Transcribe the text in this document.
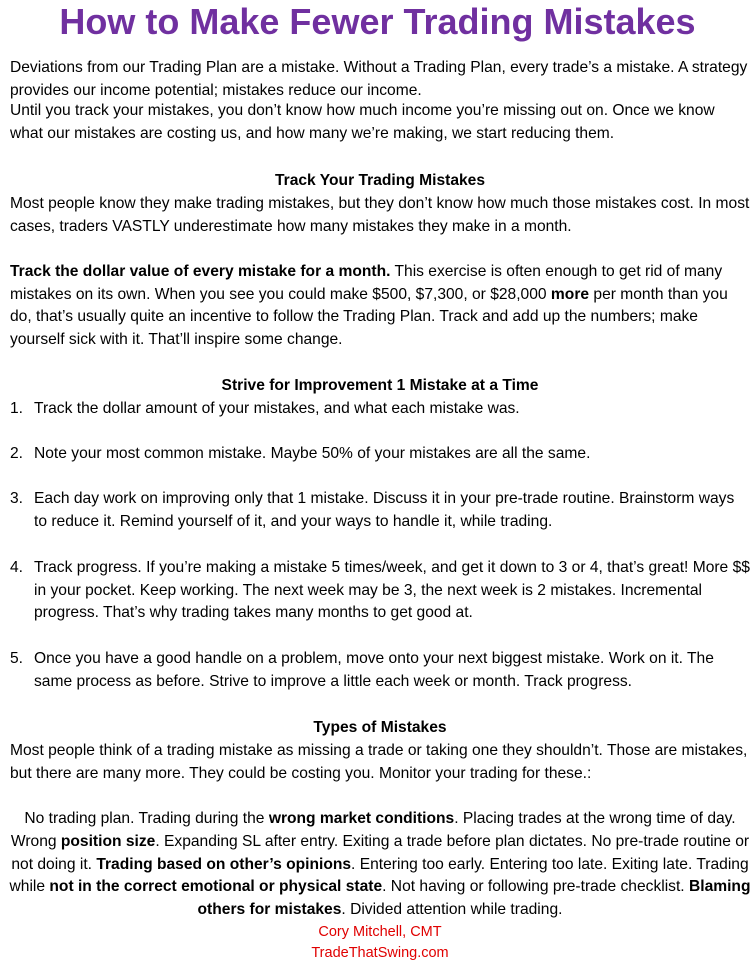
How to Make Fewer Trading Mistakes

Deviations from our Trading Plan are a mistake. Without a Trading Plan, every trade’s a mistake. A strategy provides our income potential; mistakes reduce our income.

Until you track your mistakes, you don’t know how much income you’re missing out on. Once we know what our mistakes are costing us, and how many we’re making, we start reducing them.

Track Your Trading Mistakes

Most people know they make trading mistakes, but they don’t know how much those mistakes cost. In most cases, traders VASTLY underestimate how many mistakes they make in a month.

Track the dollar value of every mistake for a month. This exercise is often enough to get rid of many mistakes on its own. When you see you could make $500, $7,300, or $28,000 more per month than you do, that’s usually quite an incentive to follow the Trading Plan. Track and add up the numbers; make yourself sick with it. That’ll inspire some change.

Strive for Improvement 1 Mistake at a Time
1. Track the dollar amount of your mistakes, and what each mistake was.
2. Note your most common mistake. Maybe 50% of your mistakes are all the same.
3. Each day work on improving only that 1 mistake. Discuss it in your pre-trade routine. Brainstorm ways to reduce it. Remind yourself of it, and your ways to handle it, while trading.
4. Track progress. If you’re making a mistake 5 times/week, and get it down to 3 or 4, that’s great! More $$ in your pocket. Keep working. The next week may be 3, the next week is 2 mistakes. Incremental progress. That’s why trading takes many months to get good at.
5. Once you have a good handle on a problem, move onto your next biggest mistake. Work on it. The same process as before. Strive to improve a little each week or month. Track progress.
Types of Mistakes

Most people think of a trading mistake as missing a trade or taking one they shouldn’t. Those are mistakes, but there are many more. They could be costing you. Monitor your trading for these.:

No trading plan. Trading during the wrong market conditions. Placing trades at the wrong time of day. Wrong position size. Expanding SL after entry. Exiting a trade before plan dictates. No pre-trade routine or not doing it. Trading based on other’s opinions. Entering too early. Entering too late. Exiting late. Trading while not in the correct emotional or physical state. Not having or following pre-trade checklist. Blaming others for mistakes. Divided attention while trading.

Cory Mitchell, CMT
TradeThatSwing.com
